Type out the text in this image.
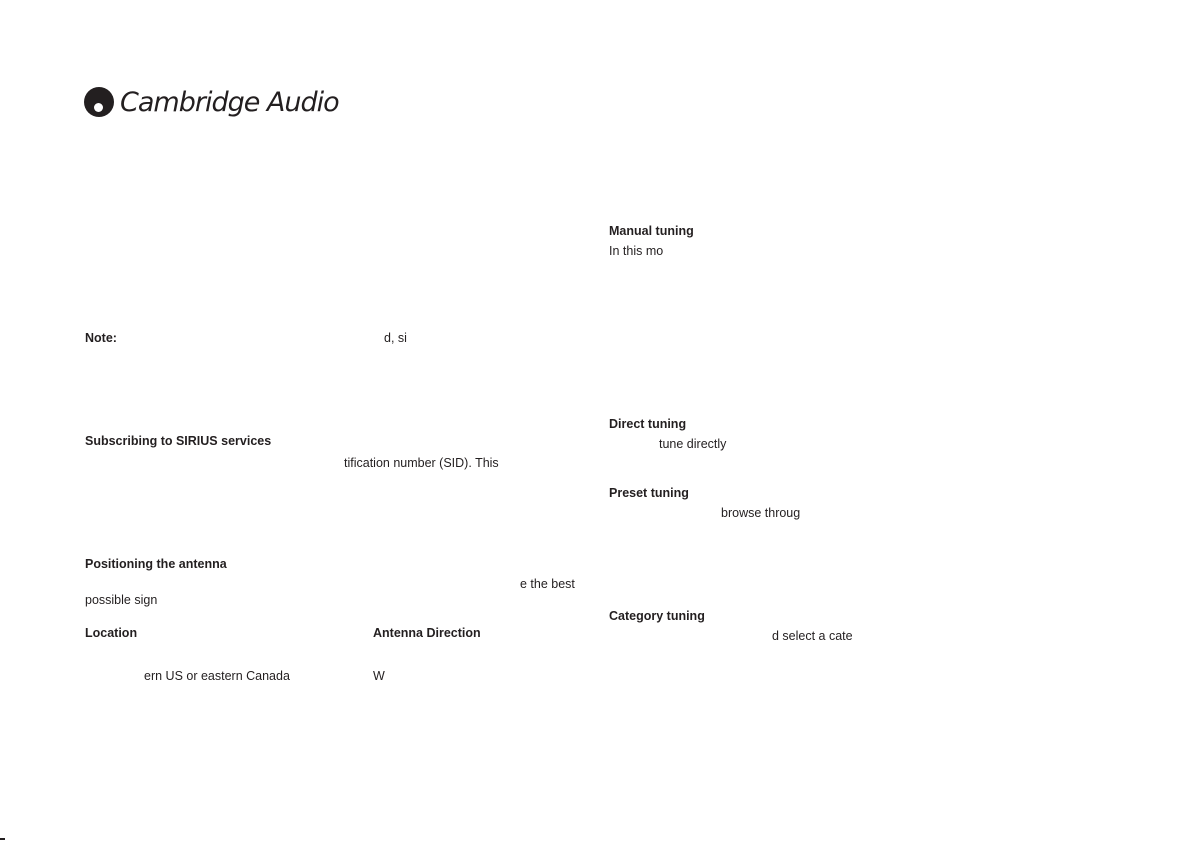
Cambridge Audio
Note:	d, si
Subscribing to SIRIUS services
tification number (SID). This
Positioning the antenna
e the best
possible sign
Location	Antenna Direction
ern US or eastern Canada	W
Manual tuning
In this mo
Direct tuning
tune directly
Preset tuning
browse throug
Category tuning
d select a cate
